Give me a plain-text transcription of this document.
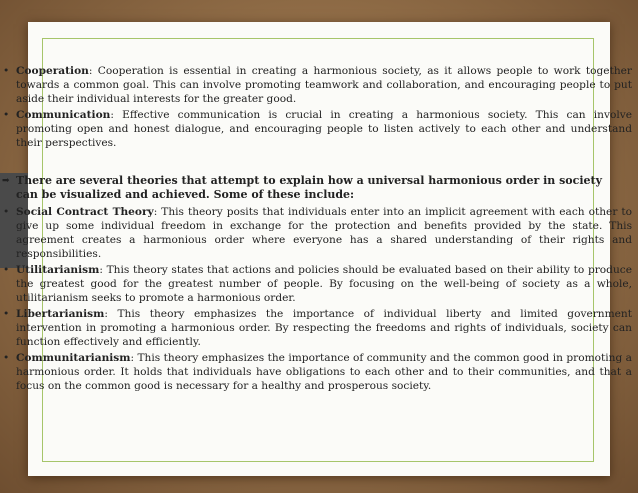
• Cooperation: Cooperation is essential in creating a harmonious society, as it allows people to work together towards a common goal. This can involve promoting teamwork and collaboration, and encouraging people to put aside their individual interests for the greater good.
• Communication: Effective communication is crucial in creating a harmonious society. This can involve promoting open and honest dialogue, and encouraging people to listen actively to each other and understand their perspectives.
➡ There are several theories that attempt to explain how a universal harmonious order in society can be visualized and achieved. Some of these include:
• Social Contract Theory: This theory posits that individuals enter into an implicit agreement with each other to give up some individual freedom in exchange for the protection and benefits provided by the state. This agreement creates a harmonious order where everyone has a shared understanding of their rights and responsibilities.
• Utilitarianism: This theory states that actions and policies should be evaluated based on their ability to produce the greatest good for the greatest number of people. By focusing on the well-being of society as a whole, utilitarianism seeks to promote a harmonious order.
• Libertarianism: This theory emphasizes the importance of individual liberty and limited government intervention in promoting a harmonious order. By respecting the freedoms and rights of individuals, society can function effectively and efficiently.
• Communitarianism: This theory emphasizes the importance of community and the common good in promoting a harmonious order. It holds that individuals have obligations to each other and to their communities, and that a focus on the common good is necessary for a healthy and prosperous society.
